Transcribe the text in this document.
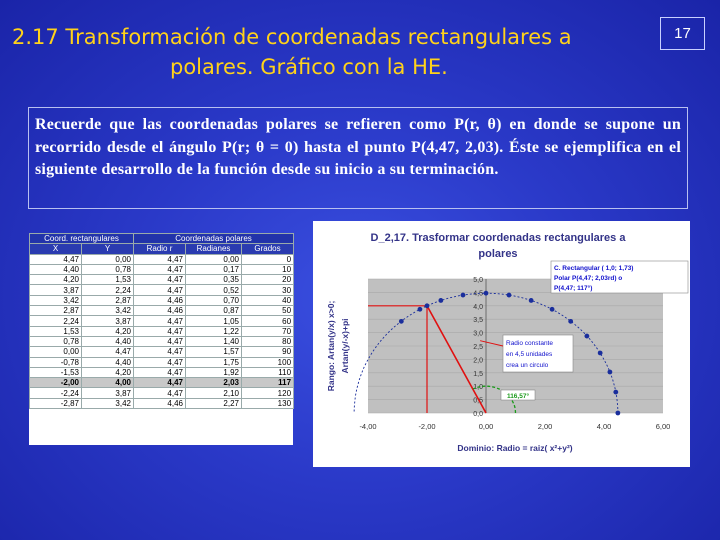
2.17 Transformación de coordenadas rectangulares a
polares. Gráfico con la HE.
17
Recuerde que las coordenadas polares se refieren como P(r, θ) en donde se supone un recorrido desde el ángulo P(r; θ = 0) hasta el punto P(4,47, 2,03). Éste se ejemplifica en el siguiente desarrollo de la función desde su inicio a su terminación.
Coord. rectangulares		Coordenadas polares		
X	Y	Radio r	Radianes	Grados
4,47	0,00	4,47	0,00	0
4,40	0,78	4,47	0,17	10
4,20	1,53	4,47	0,35	20
3,87	2,24	4,47	0,52	30
3,42	2,87	4,46	0,70	40
2,87	3,42	4,46	0,87	50
2,24	3,87	4,47	1,05	60
1,53	4,20	4,47	1,22	70
0,78	4,40	4,47	1,40	80
0,00	4,47	4,47	1,57	90
-0,78	4,40	4,47	1,75	100
-1,53	4,20	4,47	1,92	110
-2,00	4,00	4,47	2,03	117
-2,24	3,87	4,47	2,10	120
-2,87	3,42	4,46	2,27	130
D_2,17. Trasformar coordenadas rectangulares a
polares
0,0
0,5
1,0
1,5
2,0
2,5
3,0
3,5
4,0
4,5
5,0
-4,00	-2,00	0,00	2,00	4,00	6,00
Radio constante
en 4,5 unidades
crea un circulo
C. Rectangular ( 1,0; 1,73)
Polar P(4,47; 2,03rd) o
P(4,47; 117°)
116,57°
Dominio: Radio = raiz( x²+y²)
Rango: Artan(y/x) x>0; Artan(y/-x)+pi
